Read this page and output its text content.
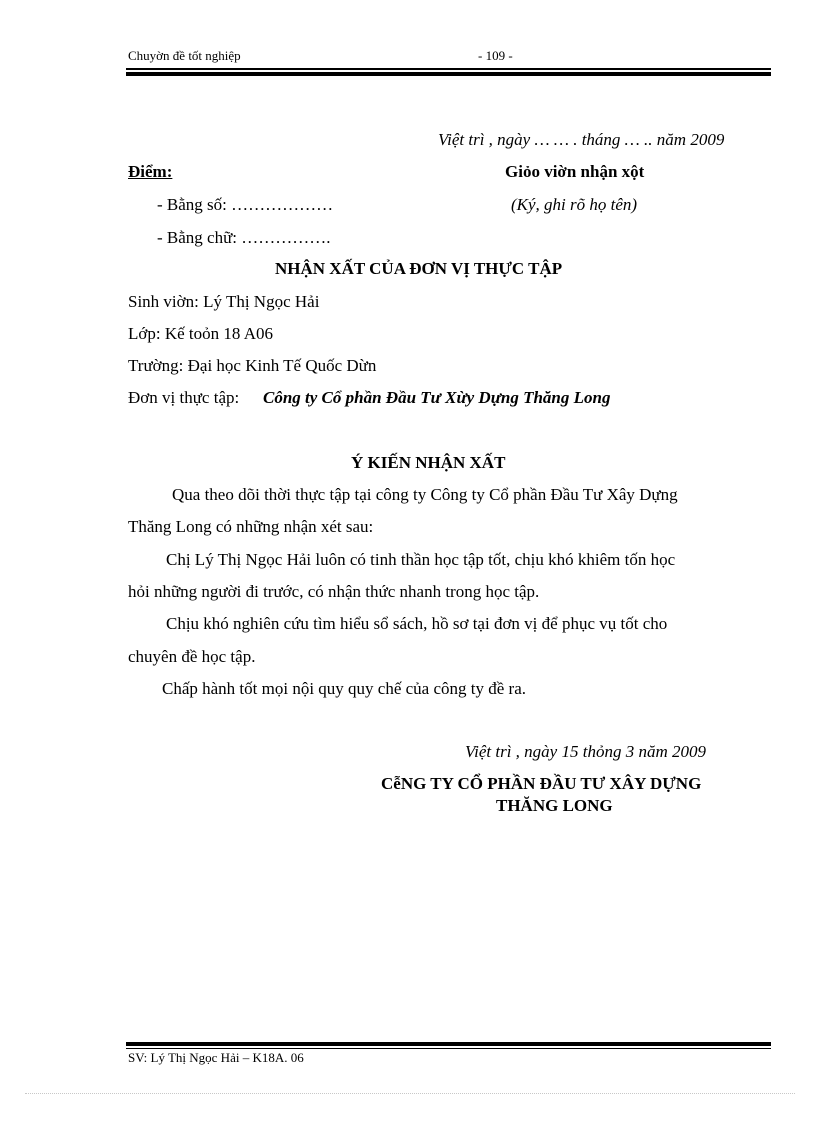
Chuyờn đề tốt nghiệp	- 109 -
Việt trì , ngày … … . tháng … .. năm 2009
Điểm:	Giỏo viờn nhận xột
- Bằng số: ………………	(Ký, ghi rõ họ tên)
- Bằng chữ: …………….
NHẬN XẤT CỦA ĐƠN VỊ THỰC TẬP
Sinh viờn: Lý Thị Ngọc Hải
Lớp: Kế toỏn 18 A06
Trường: Đại học Kinh Tế Quốc Dừn
Đơn vị thực tập: Công ty Cổ phần Đầu Tư Xừy Dựng Thăng Long
Ý KIẾN NHẬN XẤT
Qua theo dõi thời thực tập tại công ty Công ty Cổ phần Đầu Tư Xây Dựng
Thăng Long có những nhận xét sau:
Chị Lý Thị Ngọc Hải luôn có tinh thần học tập tốt, chịu khó khiêm tốn học
hỏi những người đi trước, có nhận thức nhanh trong học tập.
Chịu khó nghiên cứu tìm hiểu sổ sách, hồ sơ tại đơn vị để phục vụ tốt cho
chuyên đề học tập.
Chấp hành tốt mọi nội quy quy chế của công ty đề ra.
Việt trì , ngày 15 thỏng 3 năm 2009
CễNG TY CỔ PHẦN ĐẦU TƯ XÂY DỰNG
THĂNG LONG
SV: Lý Thị Ngọc Hải – K18A. 06
